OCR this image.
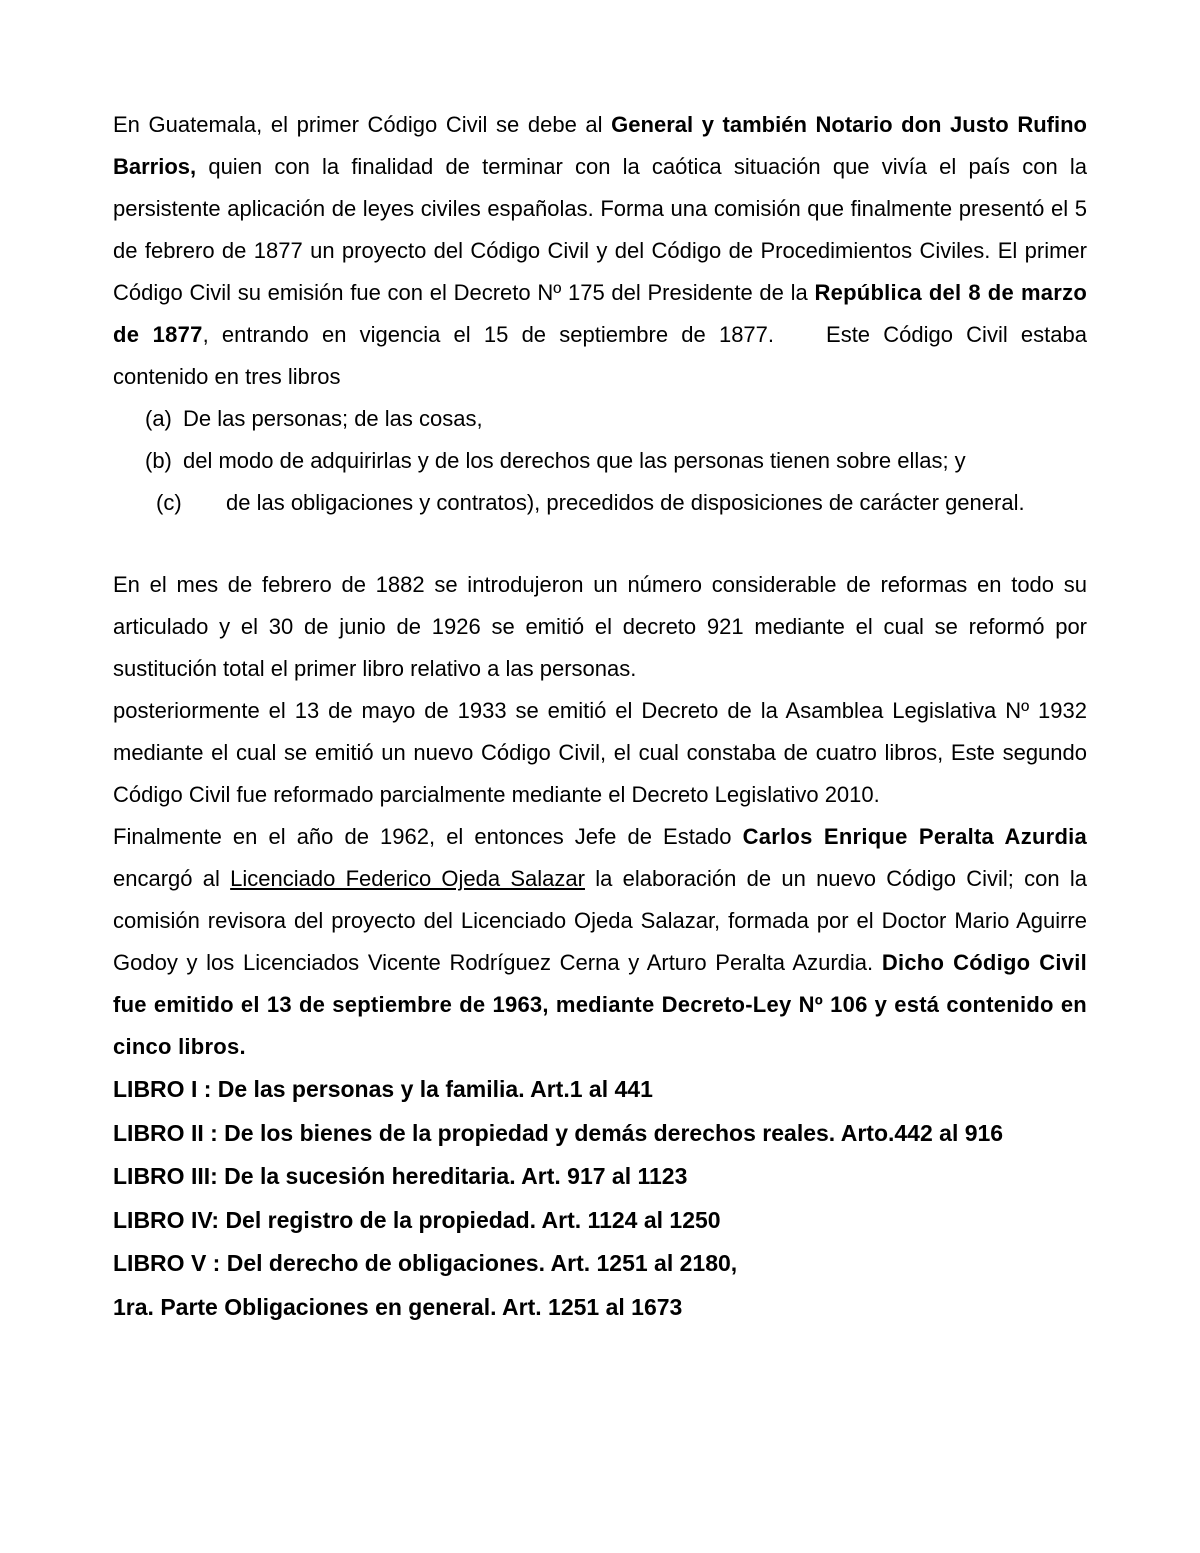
En Guatemala, el primer Código Civil se debe al General y también Notario don Justo Rufino Barrios, quien con la finalidad de terminar con la caótica situación que vivía el país con la persistente aplicación de leyes civiles españolas. Forma una comisión que finalmente presentó el 5 de febrero de 1877 un proyecto del Código Civil y del Código de Procedimientos Civiles. El primer Código Civil su emisión fue con el Decreto Nº 175 del Presidente de la República del 8 de marzo de 1877, entrando en vigencia el 15 de septiembre de 1877. Este Código Civil estaba contenido en tres libros

(a) De las personas; de las cosas,
(b) del modo de adquirirlas y de los derechos que las personas tienen sobre ellas; y
(c) de las obligaciones y contratos), precedidos de disposiciones de carácter general.

En el mes de febrero de 1882 se introdujeron un número considerable de reformas en todo su articulado y el 30 de junio de 1926 se emitió el decreto 921 mediante el cual se reformó por sustitución total el primer libro relativo a las personas.

posteriormente el 13 de mayo de 1933 se emitió el Decreto de la Asamblea Legislativa Nº 1932 mediante el cual se emitió un nuevo Código Civil, el cual constaba de cuatro libros, Este segundo Código Civil fue reformado parcialmente mediante el Decreto Legislativo 2010.

Finalmente en el año de 1962, el entonces Jefe de Estado Carlos Enrique Peralta Azurdia encargó al Licenciado Federico Ojeda Salazar la elaboración de un nuevo Código Civil; con la comisión revisora del proyecto del Licenciado Ojeda Salazar, formada por el Doctor Mario Aguirre Godoy y los Licenciados Vicente Rodríguez Cerna y Arturo Peralta Azurdia. Dicho Código Civil fue emitido el 13 de septiembre de 1963, mediante Decreto-Ley Nº 106 y está contenido en cinco libros.

LIBRO I : De las personas y la familia. Art.1 al 441

LIBRO II : De los bienes de la propiedad y demás derechos reales. Arto.442 al 916

LIBRO III: De la sucesión hereditaria. Art. 917 al 1123

LIBRO IV: Del registro de la propiedad. Art. 1124 al 1250

LIBRO V : Del derecho de obligaciones. Art. 1251 al 2180,

1ra. Parte Obligaciones en general. Art. 1251 al 1673
